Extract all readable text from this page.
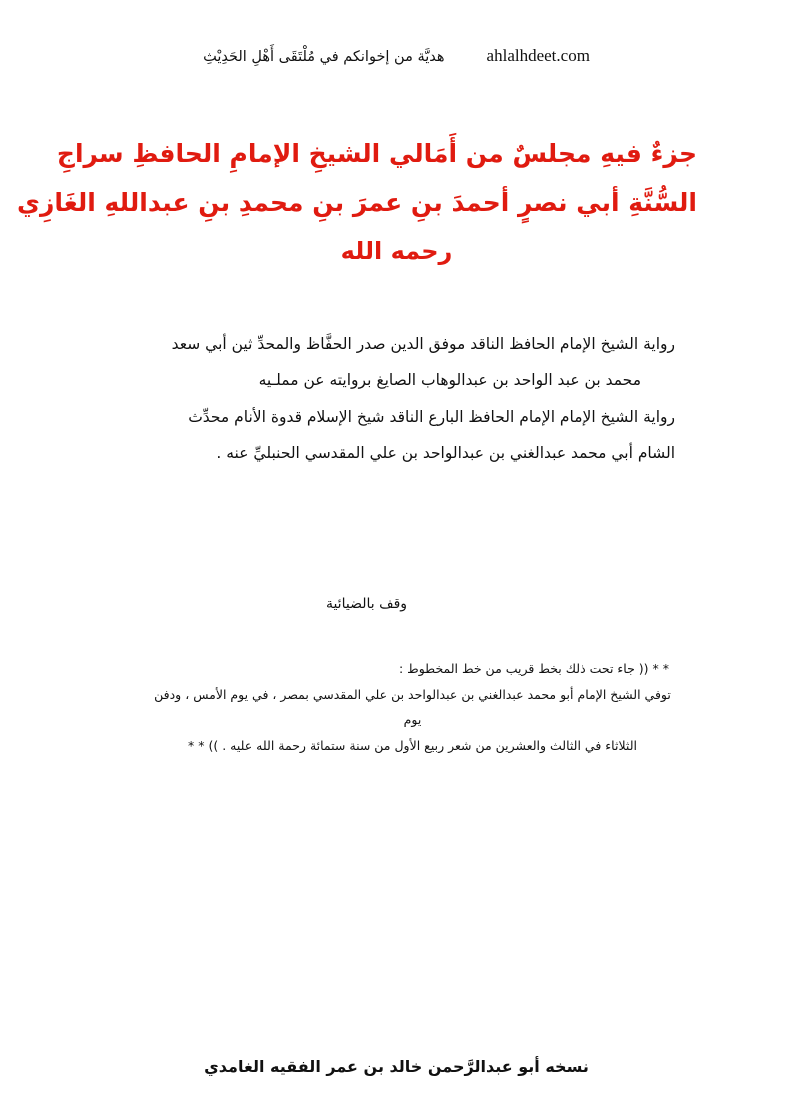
هديَّة من إخوانكم في مُلْتَقَى أَهْلِ الحَدِيْثِ ahlalhdeet.com
جزءٌ فيهِ مجلسٌ من أَمَالي الشيخِ الإمامِ الحافظِ سراجِ
السُّنَّةِ أبي نصرٍ أحمدَ بنِ عمرَ بنِ محمدِ بنِ عبداللهِ الغَازِي
رحمه الله

رواية الشيخ الإمام الحافظ الناقد موفق الدين صدر الحفَّاظ والمحدِّ ثين أبي سعد

محمد بن عبد الواحد بن عبدالوهاب الصايغ بروايته عن مملـيه

رواية الشيخ الإمام الإمام الحافظ البارع الناقد شيخ الإسلام قدوة الأنام محدِّث

الشام أبي محمد عبدالغني بن عبدالواحد بن علي المقدسي الحنبليِّ عنه .

وقف بالضيائية

* * (( جاء تحت ذلك بخط قريب من خط المخطوط :

توفي الشيخ الإمام أبو محمد عبدالغني بن عبدالواحد بن علي المقدسي بمصر ، في يوم الأمس ، ودفن يوم

الثلاثاء في الثالث والعشرين من شعر ربيع الأول من سنة ستمائة رحمة الله عليه . )) * *

نسخه أبو عبدالرَّحمن خالد بن عمر الفقيه الغامدي
